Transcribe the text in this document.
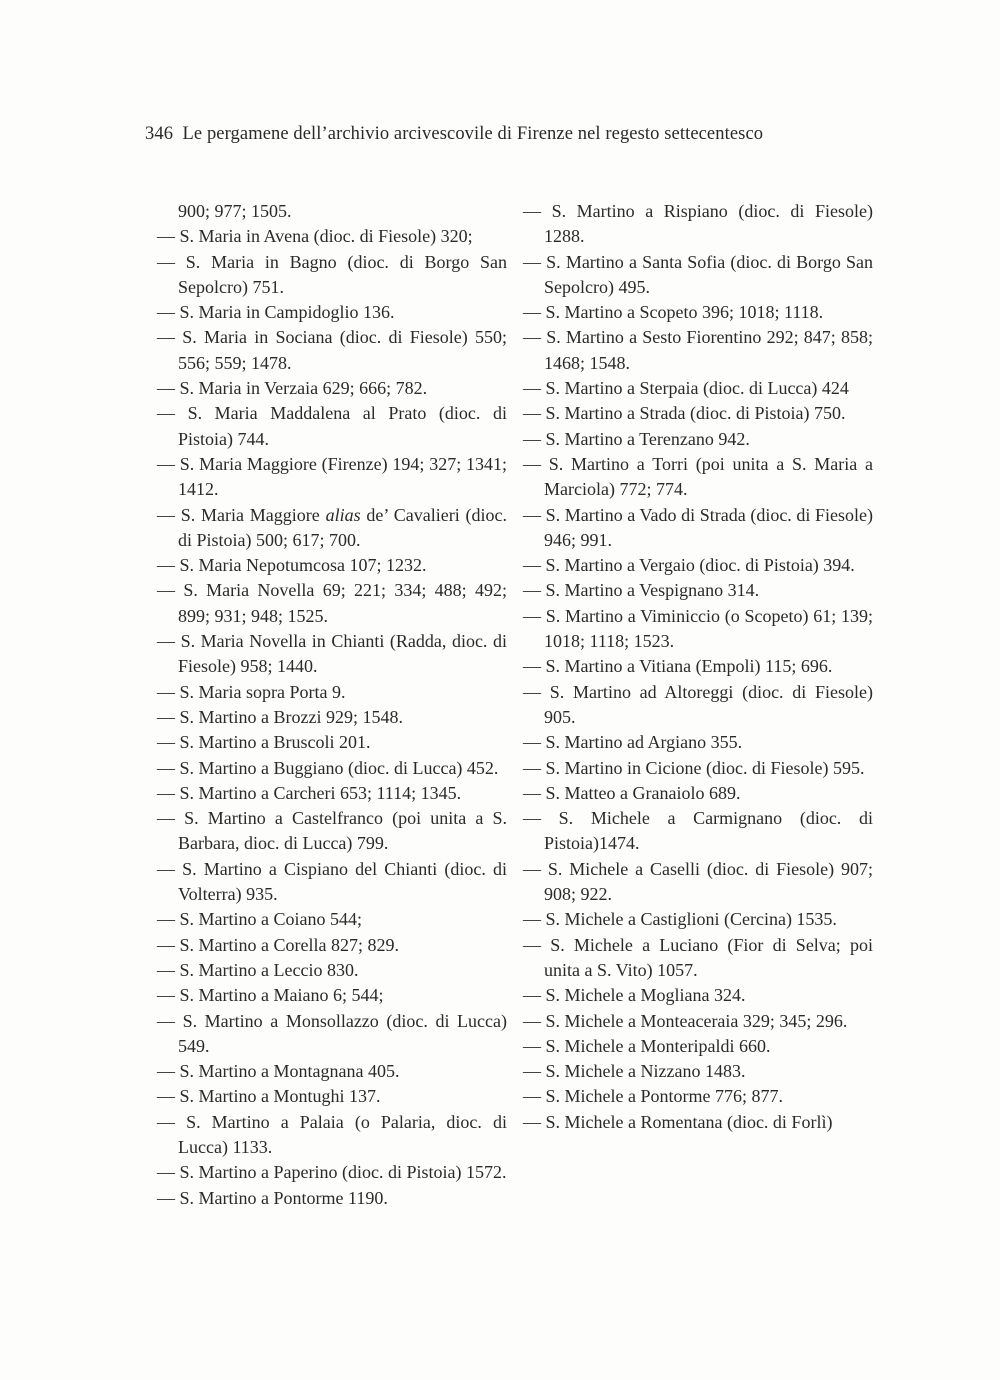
346 Le pergamene dell’archivio arcivescovile di Firenze nel regesto settecentesco
900; 977; 1505.
— S. Maria in Avena (dioc. di Fiesole) 320;
— S. Maria in Bagno (dioc. di Borgo San Sepolcro) 751.
— S. Maria in Campidoglio 136.
— S. Maria in Sociana (dioc. di Fiesole) 550; 556; 559; 1478.
— S. Maria in Verzaia 629; 666; 782.
— S. Maria Maddalena al Prato (dioc. di Pistoia) 744.
— S. Maria Maggiore (Firenze) 194; 327; 1341; 1412.
— S. Maria Maggiore alias de’ Cavalieri (dioc. di Pistoia) 500; 617; 700.
— S. Maria Nepotumcosa 107; 1232.
— S. Maria Novella 69; 221; 334; 488; 492; 899; 931; 948; 1525.
— S. Maria Novella in Chianti (Radda, dioc. di Fiesole) 958; 1440.
— S. Maria sopra Porta 9.
— S. Martino a Brozzi 929; 1548.
— S. Martino a Bruscoli 201.
— S. Martino a Buggiano (dioc. di Lucca) 452.
— S. Martino a Carcheri 653; 1114; 1345.
— S. Martino a Castelfranco (poi unita a S. Barbara, dioc. di Lucca) 799.
— S. Martino a Cispiano del Chianti (dioc. di Volterra) 935.
— S. Martino a Coiano 544;
— S. Martino a Corella 827; 829.
— S. Martino a Leccio 830.
— S. Martino a Maiano 6; 544;
— S. Martino a Monsollazzo (dioc. di Lucca) 549.
— S. Martino a Montagnana 405.
— S. Martino a Montughi 137.
— S. Martino a Palaia (o Palaria, dioc. di Lucca) 1133.
— S. Martino a Paperino (dioc. di Pistoia) 1572.
— S. Martino a Pontorme 1190.
— S. Martino a Rispiano (dioc. di Fiesole) 1288.
— S. Martino a Santa Sofia (dioc. di Borgo San Sepolcro) 495.
— S. Martino a Scopeto 396; 1018; 1118.
— S. Martino a Sesto Fiorentino 292; 847; 858; 1468; 1548.
— S. Martino a Sterpaia (dioc. di Lucca) 424
— S. Martino a Strada (dioc. di Pistoia) 750.
— S. Martino a Terenzano 942.
— S. Martino a Torri (poi unita a S. Maria a Marciola) 772; 774.
— S. Martino a Vado di Strada (dioc. di Fiesole) 946; 991.
— S. Martino a Vergaio (dioc. di Pistoia) 394.
— S. Martino a Vespignano 314.
— S. Martino a Viminiccio (o Scopeto) 61; 139; 1018; 1118; 1523.
— S. Martino a Vitiana (Empoli) 115; 696.
— S. Martino ad Altoreggi (dioc. di Fiesole) 905.
— S. Martino ad Argiano 355.
— S. Martino in Cicione (dioc. di Fiesole) 595.
— S. Matteo a Granaiolo 689.
— S. Michele a Carmignano (dioc. di Pistoia)1474.
— S. Michele a Caselli (dioc. di Fiesole) 907; 908; 922.
— S. Michele a Castiglioni (Cercina) 1535.
— S. Michele a Luciano (Fior di Selva; poi unita a S. Vito) 1057.
— S. Michele a Mogliana 324.
— S. Michele a Monteaceraia 329; 345; 296.
— S. Michele a Monteripaldi 660.
— S. Michele a Nizzano 1483.
— S. Michele a Pontorme 776; 877.
— S. Michele a Romentana (dioc. di Forlì)
